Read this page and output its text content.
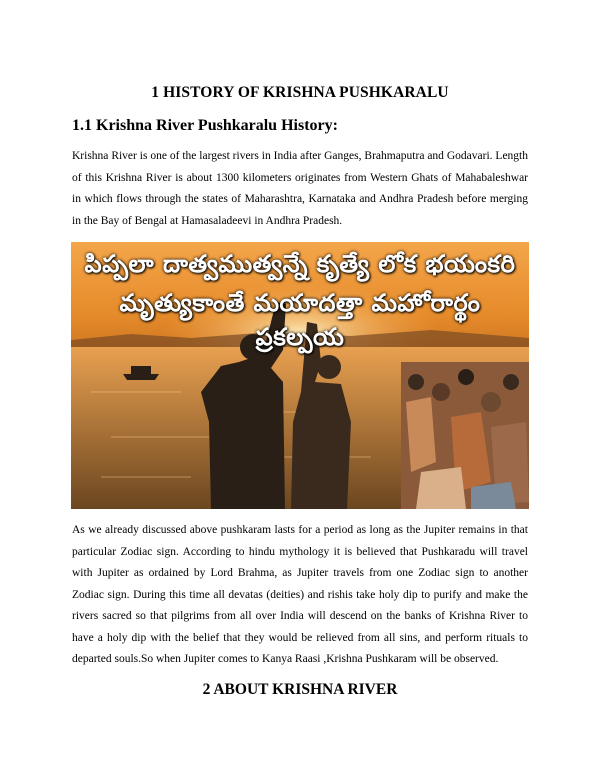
1 HISTORY OF KRISHNA PUSHKARALU
1.1 Krishna River Pushkaralu History:
Krishna River is one of the largest rivers in India after Ganges, Brahmaputra and Godavari. Length of this Krishna River is about 1300 kilometers originates from Western Ghats of Mahabaleshwar in which flows through the states of Maharashtra, Karnataka and Andhra Pradesh before merging in the Bay of Bengal at Hamasaladeevi in Andhra Pradesh.
పిప్పలా దాత్వముత్వన్నే కృత్యే లోక భయంకరి
మృత్యుకాంతే మయాదత్తా మహోరార్థం ప్రకల్పయ
As we already discussed above pushkaram lasts for a period as long as the Jupiter remains in that particular Zodiac sign. According to hindu mythology it is believed that Pushkaradu will travel with Jupiter as ordained by Lord Brahma, as Jupiter travels from one Zodiac sign to another Zodiac sign. During this time all devatas (deities) and rishis take holy dip to purify and make the rivers sacred so that pilgrims from all over India will descend on the banks of Krishna River to have a holy dip with the belief that they would be relieved from all sins, and perform rituals to departed souls.So when Jupiter comes to Kanya Raasi ,Krishna Pushkaram will be observed.
2 ABOUT KRISHNA RIVER
